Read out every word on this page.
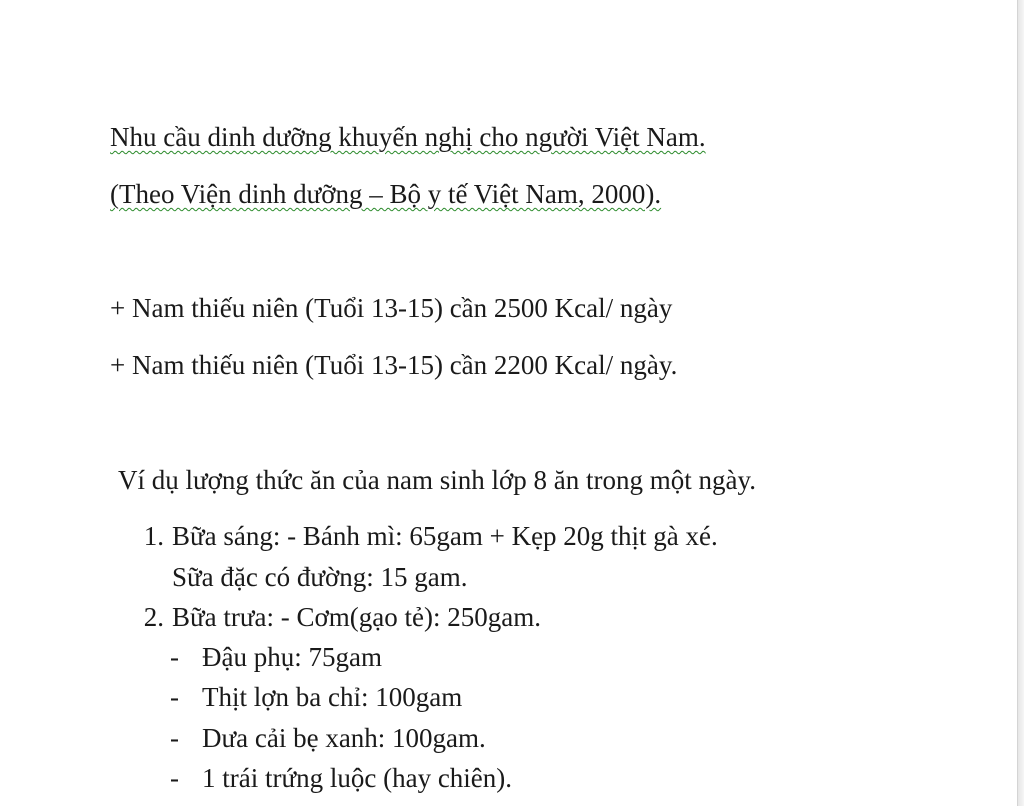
Nhu cầu dinh dưỡng khuyến nghị cho người Việt Nam.
(Theo Viện dinh dưỡng – Bộ y tế Việt Nam, 2000).
+ Nam thiếu niên (Tuổi 13-15) cần 2500 Kcal/ ngày
+ Nam thiếu niên (Tuổi 13-15) cần 2200 Kcal/ ngày.
Ví dụ lượng thức ăn của nam sinh lớp 8 ăn trong một ngày.
1. Bữa sáng: - Bánh mì: 65gam + Kẹp 20g thịt gà xé.
Sữa đặc có đường: 15 gam.
2. Bữa trưa: - Cơm(gạo tẻ): 250gam.
- Đậu phụ: 75gam
- Thịt lợn ba chỉ: 100gam
- Dưa cải bẹ xanh: 100gam.
- 1 trái trứng luộc (hay chiên).
